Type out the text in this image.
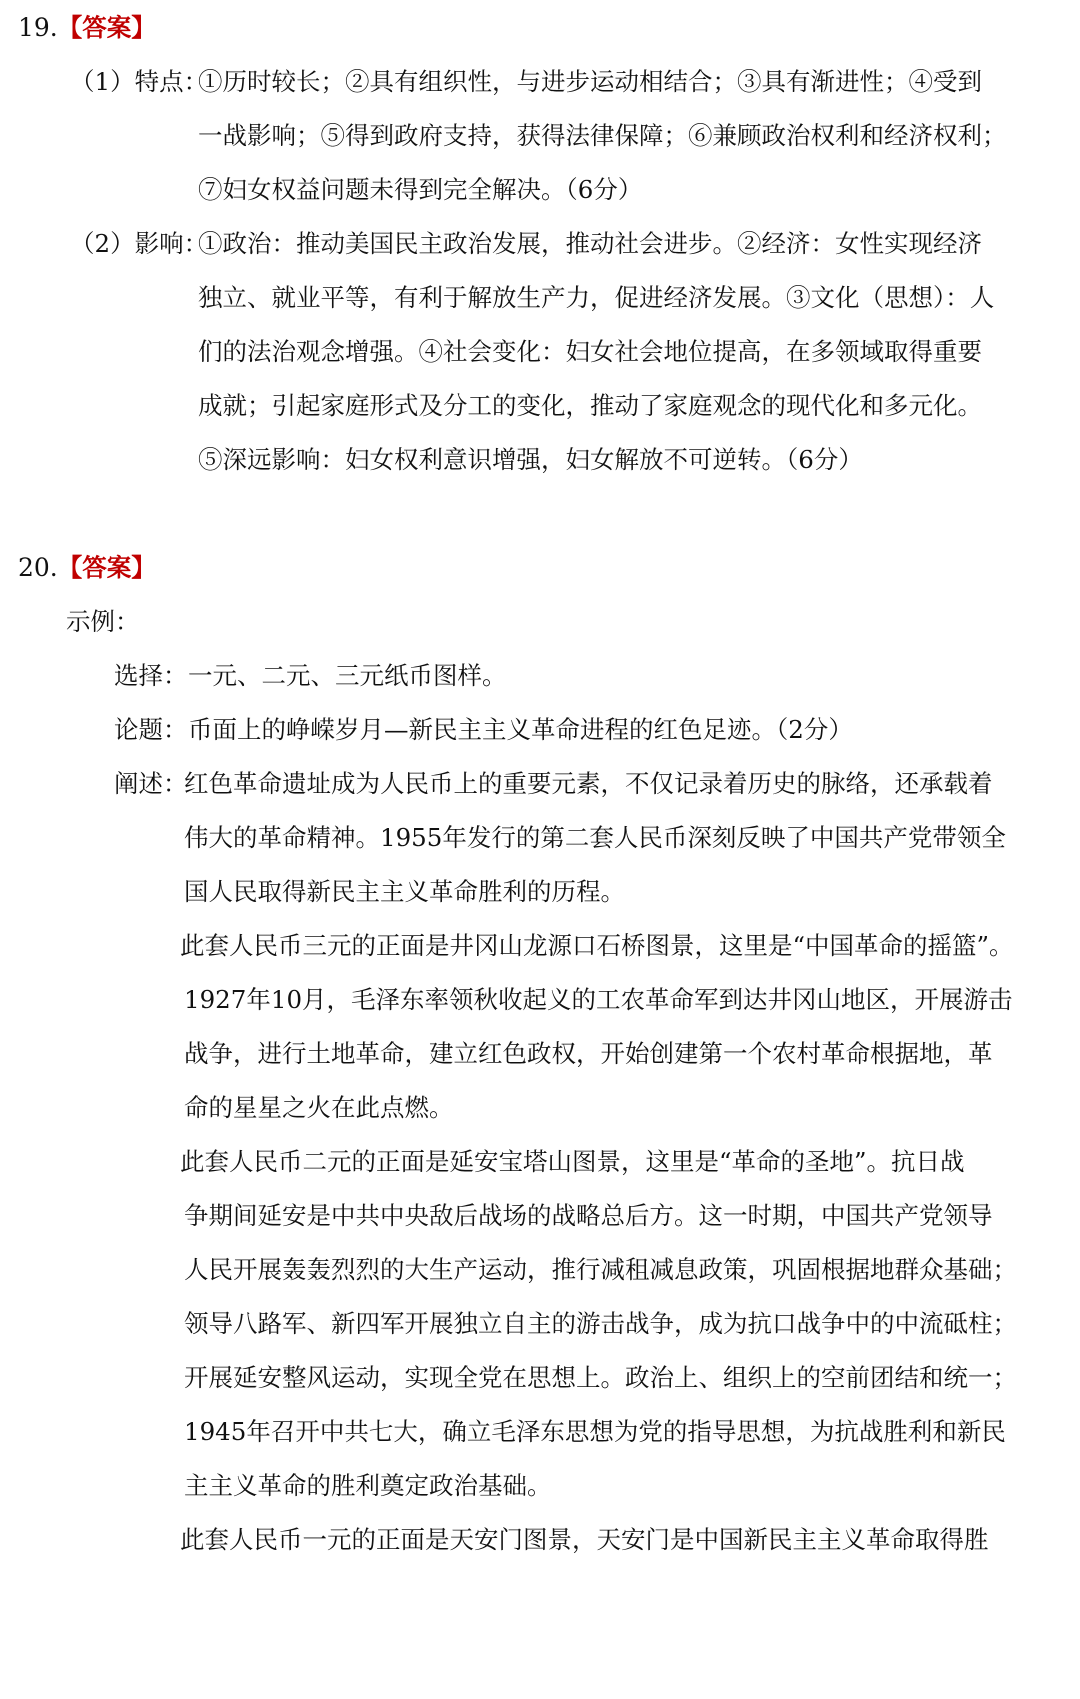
19.【答案】
（1）特点：
①历时较长；②具有组织性，与进步运动相结合；③具有渐进性；④受到
一战影响；⑤得到政府支持，获得法律保障；⑥兼顾政治权利和经济权利；
⑦妇女权益问题未得到完全解决。（6分）
（2）影响：
①政治：推动美国民主政治发展，推动社会进步。②经济：女性实现经济
独立、就业平等，有利于解放生产力，促进经济发展。③文化（思想）：人
们的法治观念增强。④社会变化：妇女社会地位提高，在多领域取得重要
成就；引起家庭形式及分工的变化，推动了家庭观念的现代化和多元化。
⑤深远影响：妇女权利意识增强，妇女解放不可逆转。（6分）
20.【答案】
示例：
选择： 一元、二元、三元纸币图样。
论题： 币面上的峥嵘岁月—新民主主义革命进程的红色足迹。（2分）
阐述：
红色革命遗址成为人民币上的重要元素，不仅记录着历史的脉络，还承载着
伟大的革命精神。1955年发行的第二套人民币深刻反映了中国共产党带领全
国人民取得新民主主义革命胜利的历程。
此套人民币三元的正面是井冈山龙源口石桥图景，这里是“中国革命的摇篮”。
1927年10月，毛泽东率领秋收起义的工农革命军到达井冈山地区，开展游击
战争，进行土地革命，建立红色政权，开始创建第一个农村革命根据地，革
命的星星之火在此点燃。
此套人民币二元的正面是延安宝塔山图景，这里是“革命的圣地”。抗日战
争期间延安是中共中央敌后战场的战略总后方。这一时期，中国共产党领导
人民开展轰轰烈烈的大生产运动，推行减租减息政策，巩固根据地群众基础；
领导八路军、新四军开展独立自主的游击战争，成为抗口战争中的中流砥柱；
开展延安整风运动，实现全党在思想上。政治上、组织上的空前团结和统一；
1945年召开中共七大，确立毛泽东思想为党的指导思想，为抗战胜利和新民
主主义革命的胜利奠定政治基础。
此套人民币一元的正面是天安门图景，天安门是中国新民主主义革命取得胜
